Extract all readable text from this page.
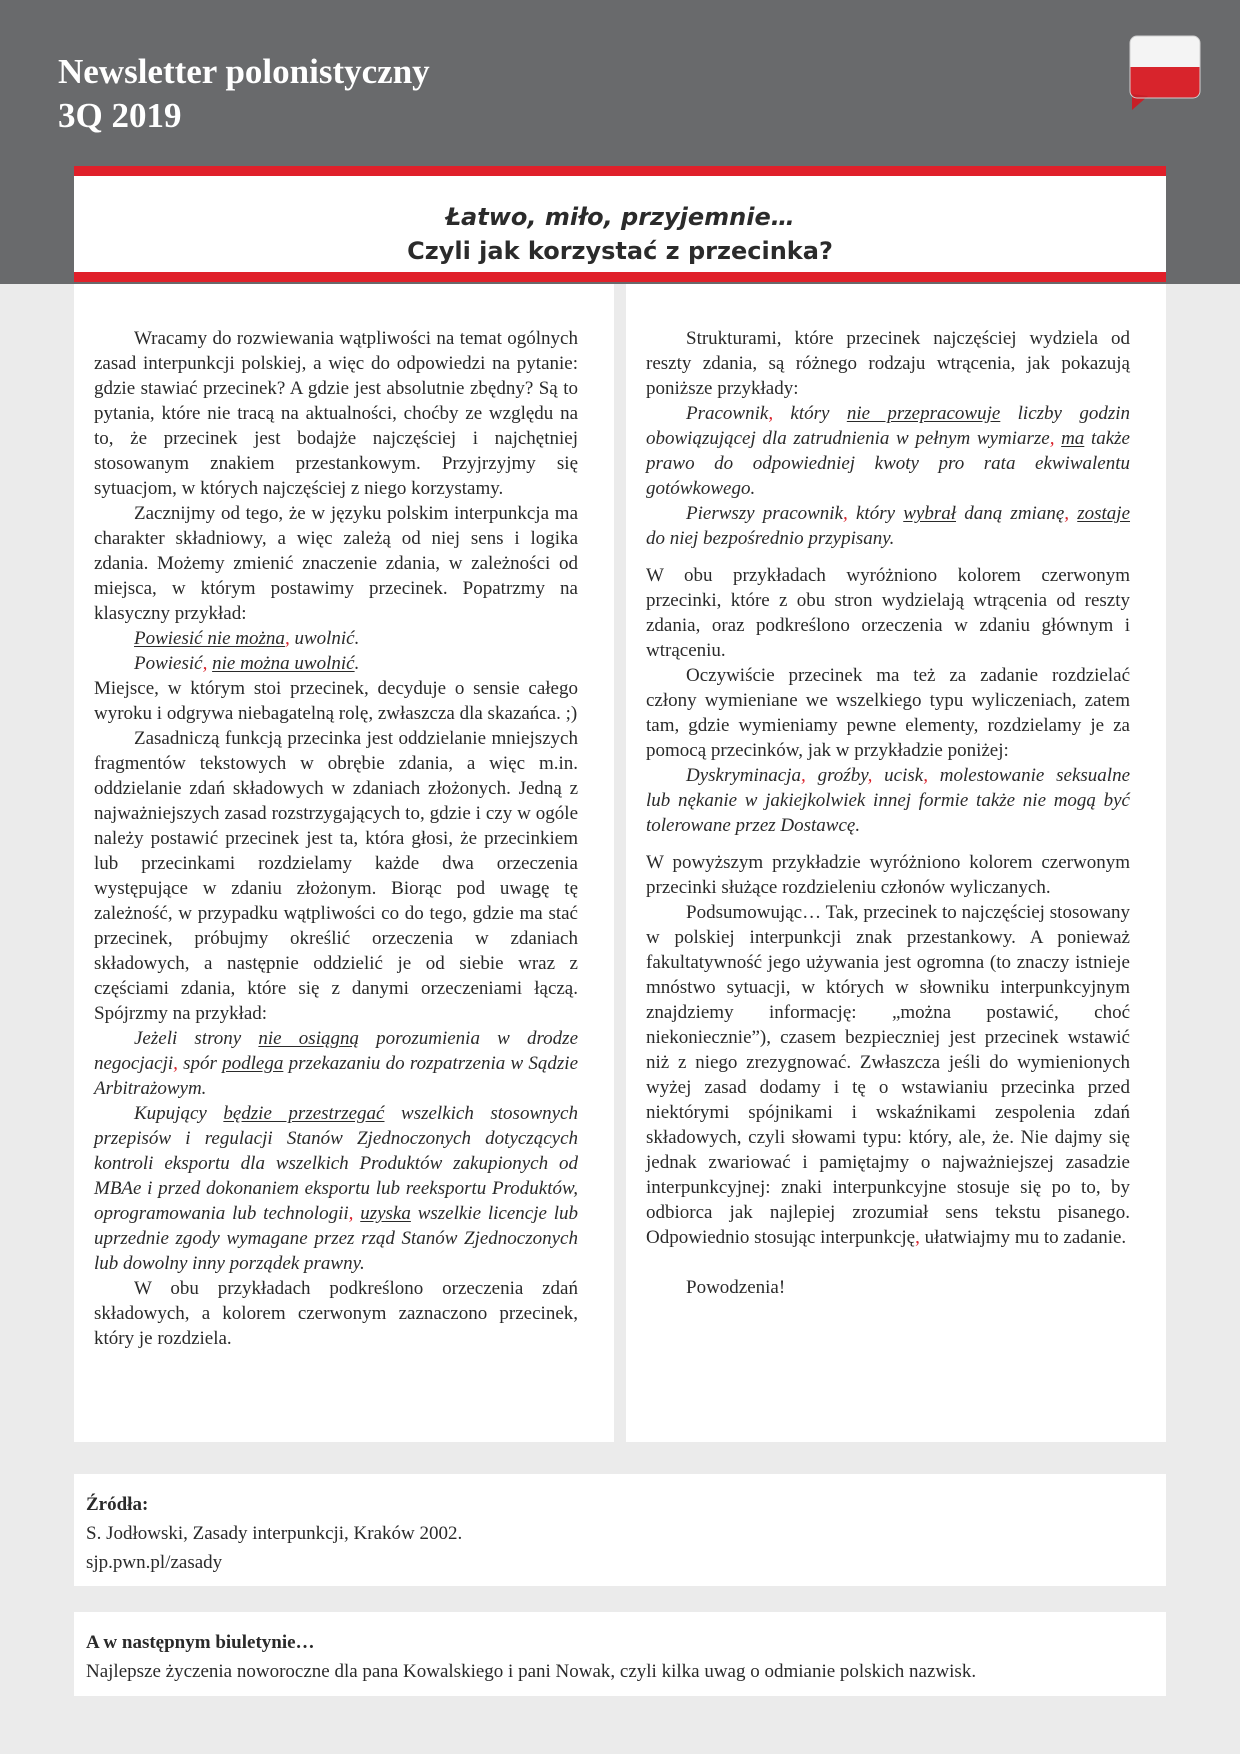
Newsletter polonistyczny
3Q 2019
Łatwo, miło, przyjemnie…
Czyli jak korzystać z przecinka?

Wracamy do rozwiewania wątpliwości na temat ogólnych zasad interpunkcji polskiej, a więc do odpowiedzi na pytanie: gdzie stawiać przecinek? A gdzie jest absolutnie zbędny? Są to pytania, które nie tracą na aktualności, choćby ze względu na to, że przecinek jest bodajże najczęściej i najchętniej stosowanym znakiem przestankowym. Przyjrzyjmy się sytuacjom, w których najczęściej z niego korzystamy.

Zacznijmy od tego, że w języku polskim interpunkcja ma charakter składniowy, a więc zależą od niej sens i logika zdania. Możemy zmienić znaczenie zdania, w zależności od miejsca, w którym postawimy przecinek. Popatrzmy na klasyczny przykład:

Powiesić nie można, uwolnić.

Powiesić, nie można uwolnić.

Miejsce, w którym stoi przecinek, decyduje o sensie całego wyroku i odgrywa niebagatelną rolę, zwłaszcza dla skazańca. ;)

Zasadniczą funkcją przecinka jest oddzielanie mniejszych fragmentów tekstowych w obrębie zdania, a więc m.in. oddzielanie zdań składowych w zdaniach złożonych. Jedną z najważniejszych zasad rozstrzygających to, gdzie i czy w ogóle należy postawić przecinek jest ta, która głosi, że przecinkiem lub przecinkami rozdzielamy każde dwa orzeczenia występujące w zdaniu złożonym. Biorąc pod uwagę tę zależność, w przypadku wątpliwości co do tego, gdzie ma stać przecinek, próbujmy określić orzeczenia w zdaniach składowych, a następnie oddzielić je od siebie wraz z częściami zdania, które się z danymi orzeczeniami łączą. Spójrzmy na przykład:

Jeżeli strony nie osiągną porozumienia w drodze negocjacji, spór podlega przekazaniu do rozpatrzenia w Sądzie Arbitrażowym.

Kupujący będzie przestrzegać wszelkich stosownych przepisów i regulacji Stanów Zjednoczonych dotyczących kontroli eksportu dla wszelkich Produktów zakupionych od MBAe i przed dokonaniem eksportu lub reeksportu Produktów, oprogramowania lub technologii, uzyska wszelkie licencje lub uprzednie zgody wymagane przez rząd Stanów Zjednoczonych lub dowolny inny porządek prawny.

W obu przykładach podkreślono orzeczenia zdań składowych, a kolorem czerwonym zaznaczono przecinek, który je rozdziela.

Strukturami, które przecinek najczęściej wydziela od reszty zdania, są różnego rodzaju wtrącenia, jak pokazują poniższe przykłady:

Pracownik, który nie przepracowuje liczby godzin obowiązującej dla zatrudnienia w pełnym wymiarze, ma także prawo do odpowiedniej kwoty pro rata ekwiwalentu gotówkowego.

Pierwszy pracownik, który wybrał daną zmianę, zostaje do niej bezpośrednio przypisany.

W obu przykładach wyróżniono kolorem czerwonym przecinki, które z obu stron wydzielają wtrącenia od reszty zdania, oraz podkreślono orzeczenia w zdaniu głównym i wtrąceniu.

Oczywiście przecinek ma też za zadanie rozdzielać człony wymieniane we wszelkiego typu wyliczeniach, zatem tam, gdzie wymieniamy pewne elementy, rozdzielamy je za pomocą przecinków, jak w przykładzie poniżej:

Dyskryminacja, groźby, ucisk, molestowanie seksualne lub nękanie w jakiejkolwiek innej formie także nie mogą być tolerowane przez Dostawcę.

W powyższym przykładzie wyróżniono kolorem czerwonym przecinki służące rozdzieleniu członów wyliczanych.

Podsumowując… Tak, przecinek to najczęściej stosowany w polskiej interpunkcji znak przestankowy. A ponieważ fakultatywność jego używania jest ogromna (to znaczy istnieje mnóstwo sytuacji, w których w słowniku interpunkcyjnym znajdziemy informację: „można postawić, choć niekoniecznie”), czasem bezpieczniej jest przecinek wstawić niż z niego zrezygnować. Zwłaszcza jeśli do wymienionych wyżej zasad dodamy i tę o wstawianiu przecinka przed niektórymi spójnikami i wskaźnikami zespolenia zdań składowych, czyli słowami typu: który, ale, że. Nie dajmy się jednak zwariować i pamiętajmy o najważniejszej zasadzie interpunkcyjnej: znaki interpunkcyjne stosuje się po to, by odbiorca jak najlepiej zrozumiał sens tekstu pisanego. Odpowiednio stosując interpunkcję, ułatwiajmy mu to zadanie.

Powodzenia!

Źródła:
S. Jodłowski, Zasady interpunkcji, Kraków 2002.
sjp.pwn.pl/zasady
A w następnym biuletynie…
Najlepsze życzenia noworoczne dla pana Kowalskiego i pani Nowak, czyli kilka uwag o odmianie polskich nazwisk.
